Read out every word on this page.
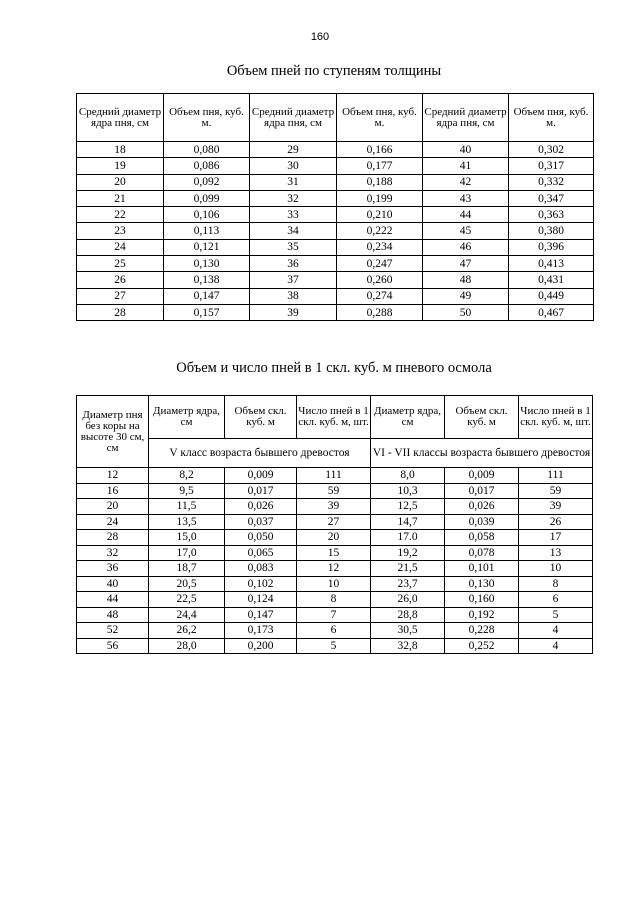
160
Объем пней по ступеням толщины
Средний диаметр ядра пня, см	Объем пня, куб. м.	Средний диаметр ядра пня, см	Объем пня, куб. м.	Средний диаметр ядра пня, см	Объем пня, куб. м.
18	0,080	29	0,166	40	0,302
19	0,086	30	0,177	41	0,317
20	0,092	31	0,188	42	0,332
21	0,099	32	0,199	43	0,347
22	0,106	33	0,210	44	0,363
23	0,113	34	0,222	45	0,380
24	0,121	35	0,234	46	0,396
25	0,130	36	0,247	47	0,413
26	0,138	37	0,260	48	0,431
27	0,147	38	0,274	49	0,449
28	0,157	39	0,288	50	0,467
Объем и число пней в 1 скл. куб. м пневого осмола
Диаметр пня без коры на высоте 30 см, см	Диаметр ядра, см	Объем скл. куб. м	Число пней в 1 скл. куб. м, шт.	Диаметр ядра, см	Объем скл. куб. м	Число пней в 1 скл. куб. м, шт.
	V класс возраста бывшего древостоя			VI - VII классы возраста бывшего древостоя		
12	8,2	0,009	111	8,0	0,009	111
16	9,5	0,017	59	10,3	0,017	59
20	11,5	0,026	39	12,5	0,026	39
24	13,5	0,037	27	14,7	0,039	26
28	15,0	0,050	20	17.0	0,058	17
32	17,0	0,065	15	19,2	0,078	13
36	18,7	0,083	12	21,5	0,101	10
40	20,5	0,102	10	23,7	0,130	8
44	22,5	0,124	8	26,0	0,160	6
48	24,4	0,147	7	28,8	0,192	5
52	26,2	0,173	6	30,5	0,228	4
56	28,0	0,200	5	32,8	0,252	4
